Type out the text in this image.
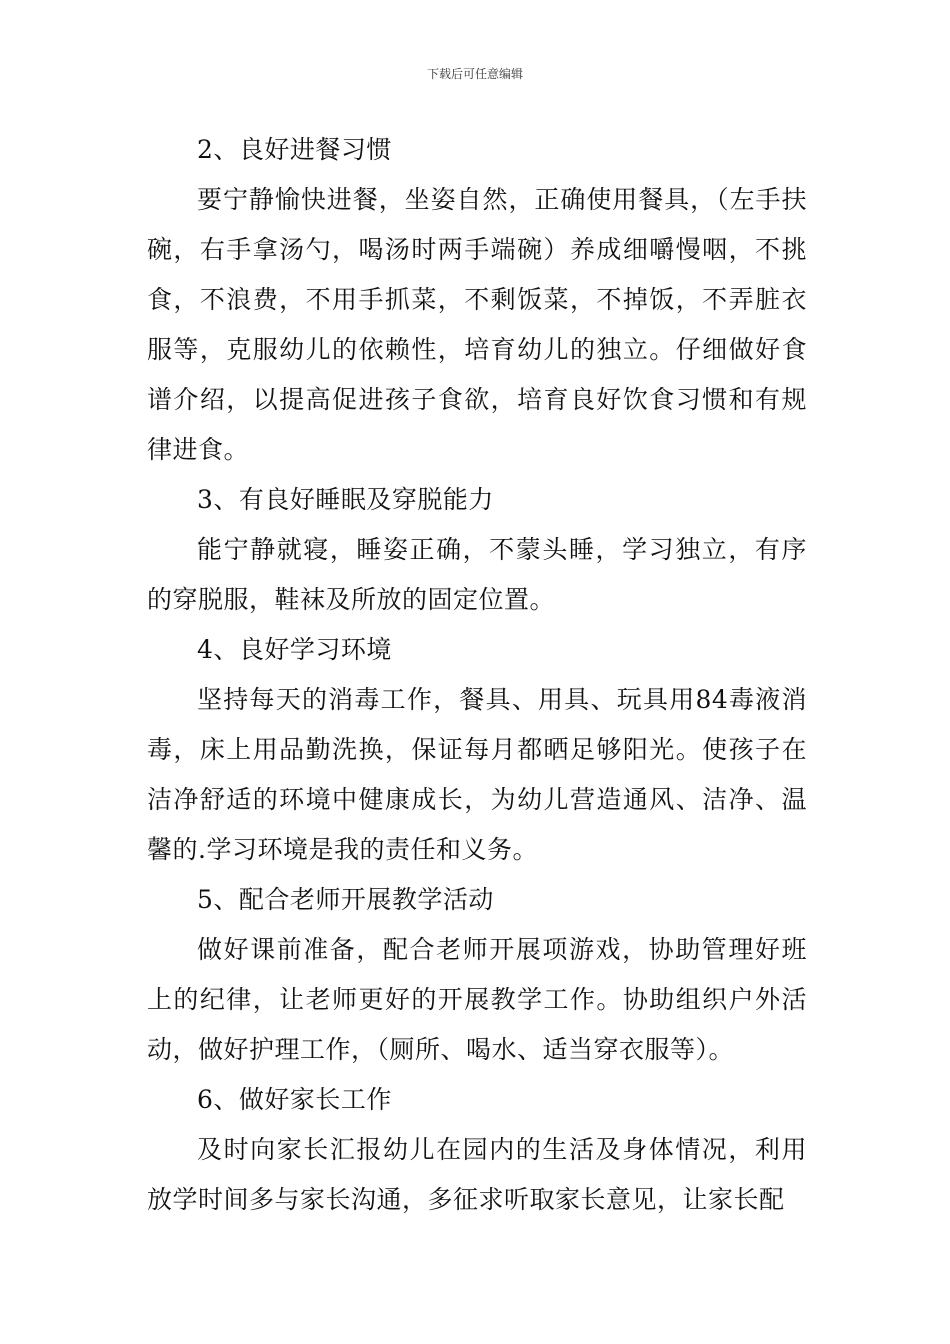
下载后可任意编辑

2、良好进餐习惯

要宁静愉快进餐，坐姿自然，正确使用餐具，（左手扶碗，右手拿汤勺，喝汤时两手端碗）养成细嚼慢咽，不挑食，不浪费，不用手抓菜，不剩饭菜，不掉饭，不弄脏衣服等，克服幼儿的依赖性，培育幼儿的独立。仔细做好食谱介绍，以提高促进孩子食欲，培育良好饮食习惯和有规律进食。

3、有良好睡眠及穿脱能力

能宁静就寝，睡姿正确，不蒙头睡，学习独立，有序的穿脱服，鞋袜及所放的固定位置。

4、良好学习环境

坚持每天的消毒工作，餐具、用具、玩具用84毒液消毒，床上用品勤洗换，保证每月都晒足够阳光。使孩子在洁净舒适的环境中健康成长，为幼儿营造通风、洁净、温馨的.学习环境是我的责任和义务。

5、配合老师开展教学活动

做好课前准备，配合老师开展项游戏，协助管理好班上的纪律，让老师更好的开展教学工作。协助组织户外活动，做好护理工作，（厕所、喝水、适当穿衣服等）。

6、做好家长工作

及时向家长汇报幼儿在园内的生活及身体情况，利用放学时间多与家长沟通，多征求听取家长意见，让家长配
